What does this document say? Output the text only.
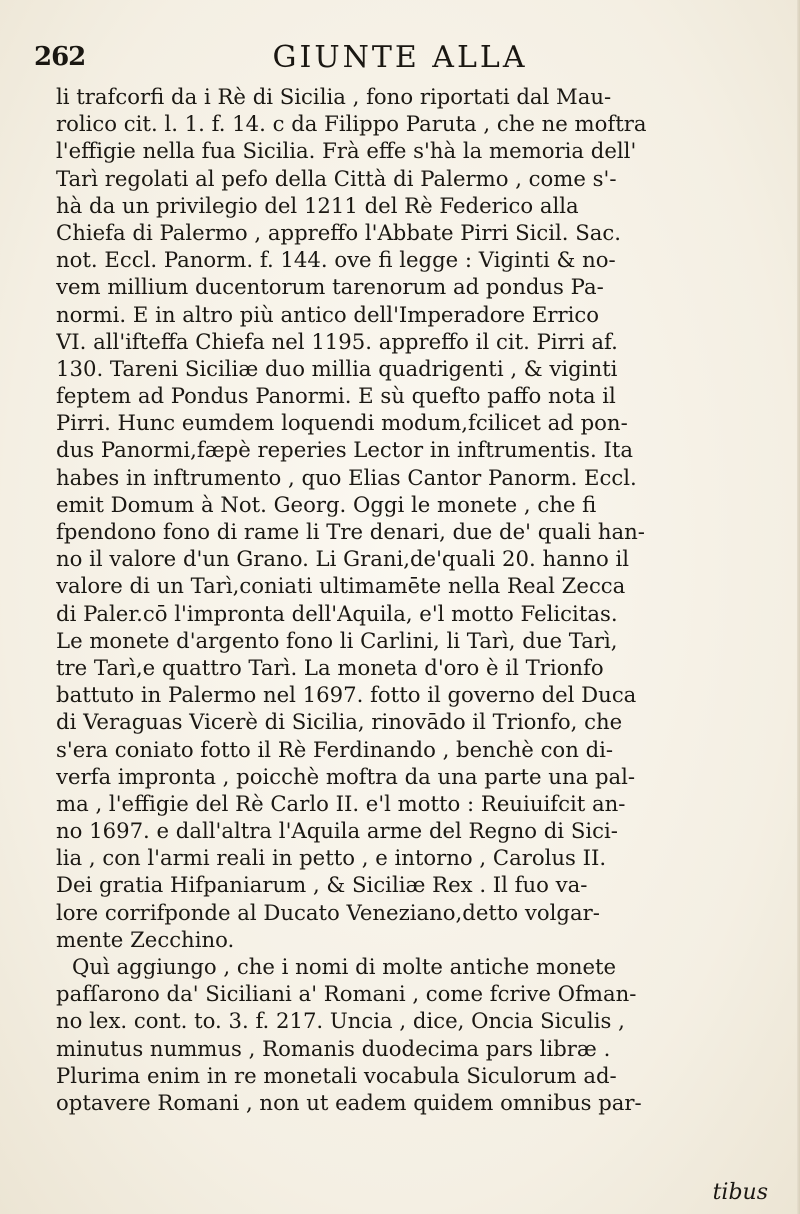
262	GIUNTE ALLA
li trafcorfi da i Rè di Sicilia , fono riportati dal Mau-
rolico cit. l. 1. f. 14. c da Filippo Paruta , che ne moftra
l'effigie nella fua Sicilia. Frà effe s'hà la memoria dell'
Tarì regolati al pefo della Città di Palermo , come s'-
hà da un privilegio del 1211 del Rè Federico alla
Chiefa di Palermo , appreffo l'Abbate Pirri Sicil. Sac.
not. Eccl. Panorm. f. 144. ove fi legge : Viginti & no-
vem millium ducentorum tarenorum ad pondus Pa-
normi. E in altro più antico dell'Imperadore Errico
VI. all'ifteffa Chiefa nel 1195. appreffo il cit. Pirri af.
130. Tareni Siciliæ duo millia quadrigenti , & viginti
feptem ad Pondus Panormi. E sù quefto paffo nota il
Pirri. Hunc eumdem loquendi modum,fcilicet ad pon-
dus Panormi,fæpè reperies Lector in inftrumentis. Ita
habes in inftrumento , quo Elias Cantor Panorm. Eccl.
emit Domum à Not. Georg. Oggi le monete , che fi
fpendono fono di rame li Tre denari, due de' quali han-
no il valore d'un Grano. Li Grani,de'quali 20. hanno il
valore di un Tarì,coniati ultimamēte nella Real Zecca
di Paler.cō l'impronta dell'Aquila, e'l motto Felicitas.
Le monete d'argento fono li Carlini, li Tarì, due Tarì,
tre Tarì,e quattro Tarì. La moneta d'oro è il Trionfo
battuto in Palermo nel 1697. fotto il governo del Duca
di Veraguas Vicerè di Sicilia, rinovādo il Trionfo, che
s'era coniato fotto il Rè Ferdinando , benchè con di-
verfa impronta , poicchè moftra da una parte una pal-
ma , l'effigie del Rè Carlo II. e'l motto : Reuiuifcit an-
no 1697. e dall'altra l'Aquila arme del Regno di Sici-
lia , con l'armi reali in petto , e intorno , Carolus II.
Dei gratia Hifpaniarum , & Siciliæ Rex . Il fuo va-
lore corrifponde al Ducato Veneziano,detto volgar-
mente Zecchino.
Quì aggiungo , che i nomi di molte antiche monete
pafſarono da' Siciliani a' Romani , come fcrive Ofman-
no lex. cont. to. 3. f. 217. Uncia , dice, Oncia Siculis ,
minutus nummus , Romanis duodecima pars libræ .
Plurima enim in re monetali vocabula Siculorum ad-
optavere Romani , non ut eadem quidem omnibus par-
tibus
